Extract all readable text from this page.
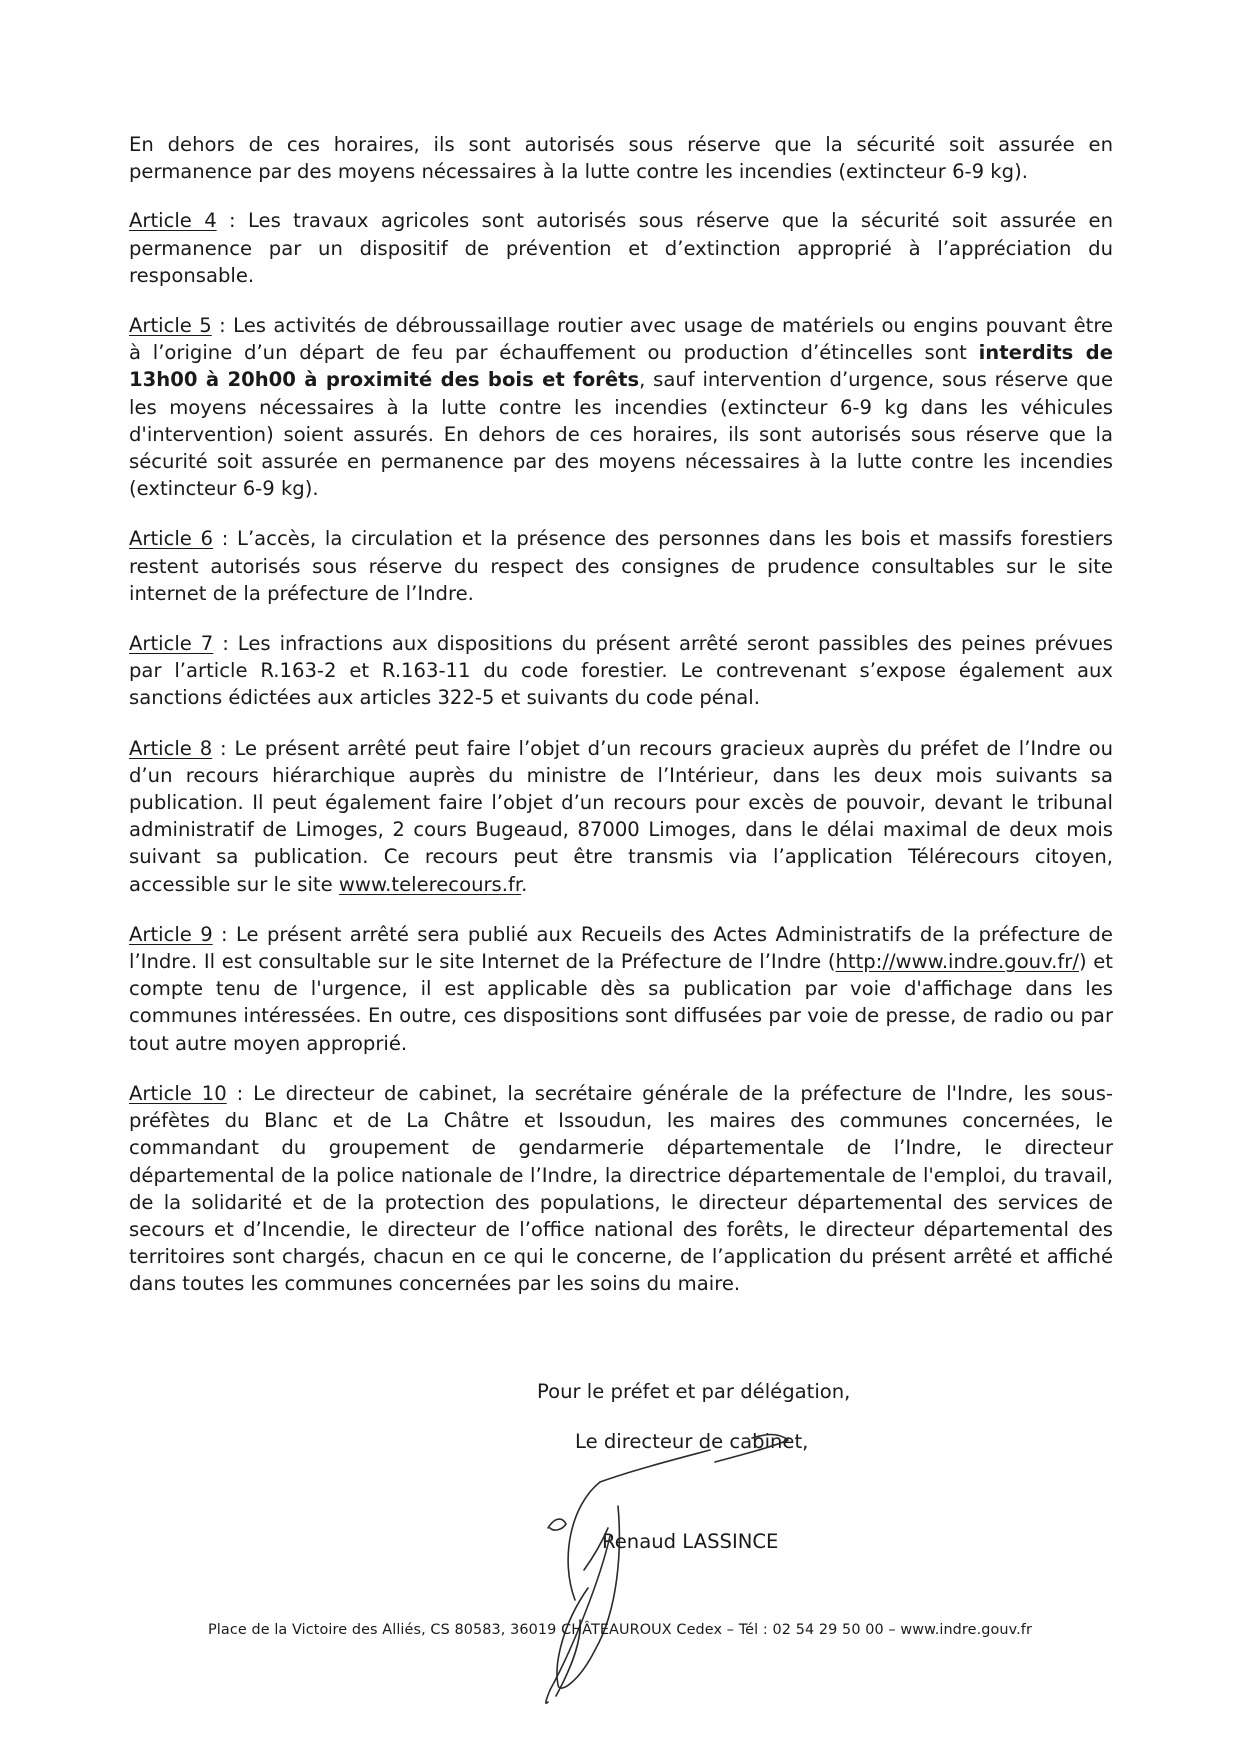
En dehors de ces horaires, ils sont autorisés sous réserve que la sécurité soit assurée en permanence par des moyens nécessaires à la lutte contre les incendies (extincteur 6-9 kg).

Article 4 : Les travaux agricoles sont autorisés sous réserve que la sécurité soit assurée en permanence par un dispositif de prévention et d’extinction approprié à l’appréciation du responsable.

Article 5 : Les activités de débroussaillage routier avec usage de matériels ou engins pouvant être à l’origine d’un départ de feu par échauffement ou production d’étincelles sont interdits de 13h00 à 20h00 à proximité des bois et forêts, sauf intervention d’urgence, sous réserve que les moyens nécessaires à la lutte contre les incendies (extincteur 6-9 kg dans les véhicules d'intervention) soient assurés. En dehors de ces horaires, ils sont autorisés sous réserve que la sécurité soit assurée en permanence par des moyens nécessaires à la lutte contre les incendies (extincteur 6-9 kg).

Article 6 : L’accès, la circulation et la présence des personnes dans les bois et massifs forestiers restent autorisés sous réserve du respect des consignes de prudence consultables sur le site internet de la préfecture de l’Indre.

Article 7 : Les infractions aux dispositions du présent arrêté seront passibles des peines prévues par l’article R.163-2 et R.163-11 du code forestier. Le contrevenant s’expose également aux sanctions édictées aux articles 322-5 et suivants du code pénal.

Article 8 : Le présent arrêté peut faire l’objet d’un recours gracieux auprès du préfet de l’Indre ou d’un recours hiérarchique auprès du ministre de l’Intérieur, dans les deux mois suivants sa publication. Il peut également faire l’objet d’un recours pour excès de pouvoir, devant le tribunal administratif de Limoges, 2 cours Bugeaud, 87000 Limoges, dans le délai maximal de deux mois suivant sa publication. Ce recours peut être transmis via l’application Télérecours citoyen, accessible sur le site www.telerecours.fr.

Article 9 : Le présent arrêté sera publié aux Recueils des Actes Administratifs de la préfecture de l’Indre. Il est consultable sur le site Internet de la Préfecture de l’Indre (http://www.indre.gouv.fr/) et compte tenu de l'urgence, il est applicable dès sa publication par voie d'affichage dans les communes intéressées. En outre, ces dispositions sont diffusées par voie de presse, de radio ou par tout autre moyen approprié.

Article 10 : Le directeur de cabinet, la secrétaire générale de la préfecture de l'Indre, les sous-préfètes du Blanc et de La Châtre et Issoudun, les maires des communes concernées, le commandant du groupement de gendarmerie départementale de l’Indre, le directeur départemental de la police nationale de l’Indre, la directrice départementale de l'emploi, du travail, de la solidarité et de la protection des populations, le directeur départemental des services de secours et d’Incendie, le directeur de l’office national des forêts, le directeur départemental des territoires sont chargés, chacun en ce qui le concerne, de l’application du présent arrêté et affiché dans toutes les communes concernées par les soins du maire.

Pour le préfet et par délégation,
Le directeur de cabinet,
Renaud LASSINCE
Place de la Victoire des Alliés, CS 80583, 36019 CHÂTEAUROUX Cedex – Tél : 02 54 29 50 00 – www.indre.gouv.fr
